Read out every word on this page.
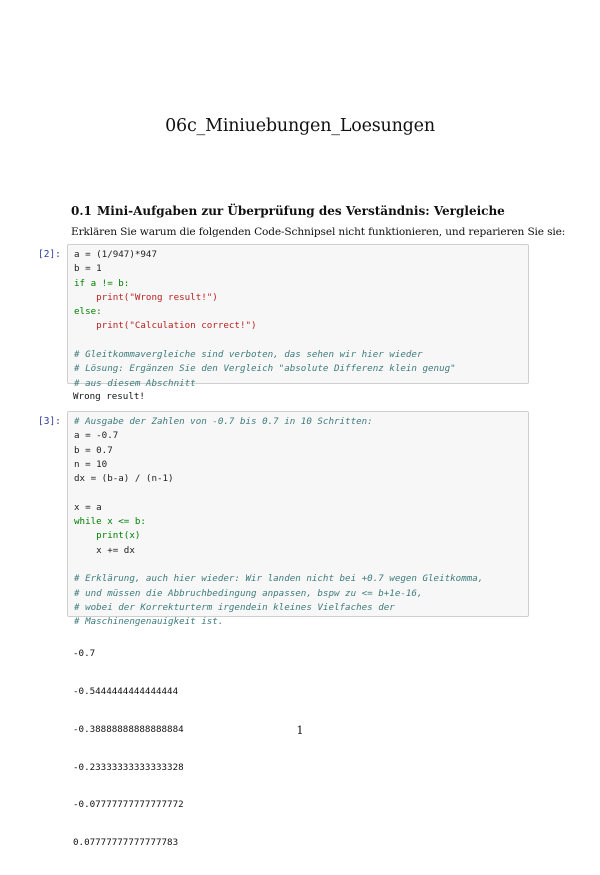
06c_Miniuebungen_Loesungen
0.1 Mini-Aufgaben zur Überprüfung des Verständnis: Vergleiche
Erklären Sie warum die folgenden Code-Schnipsel nicht funktionieren, und reparieren Sie sie:
[2]:	a = (1/947)*947
b = 1
if a != b:
print("Wrong result!")
else:
print("Calculation correct!")
# Gleitkommavergleiche sind verboten, das sehen wir hier wieder
# Lösung: Ergänzen Sie den Vergleich "absolute Differenz klein genug"
# aus diesem Abschnitt
Wrong result!
[3]:	# Ausgabe der Zahlen von -0.7 bis 0.7 in 10 Schritten:
a = -0.7
b = 0.7
n = 10
dx = (b-a) / (n-1)
x = a
while x <= b:
print(x)
x += dx
# Erklärung, auch hier wieder: Wir landen nicht bei +0.7 wegen Gleitkomma,
# und müssen die Abbruchbedingung anpassen, bspw zu <= b+1e-16,
# wobei der Korrekturterm irgendein kleines Vielfaches der
# Maschinengenauigkeit ist.

-0.7

-0.5444444444444444

-0.38888888888888884

-0.23333333333333328

-0.07777777777777772

0.07777777777777783

1
